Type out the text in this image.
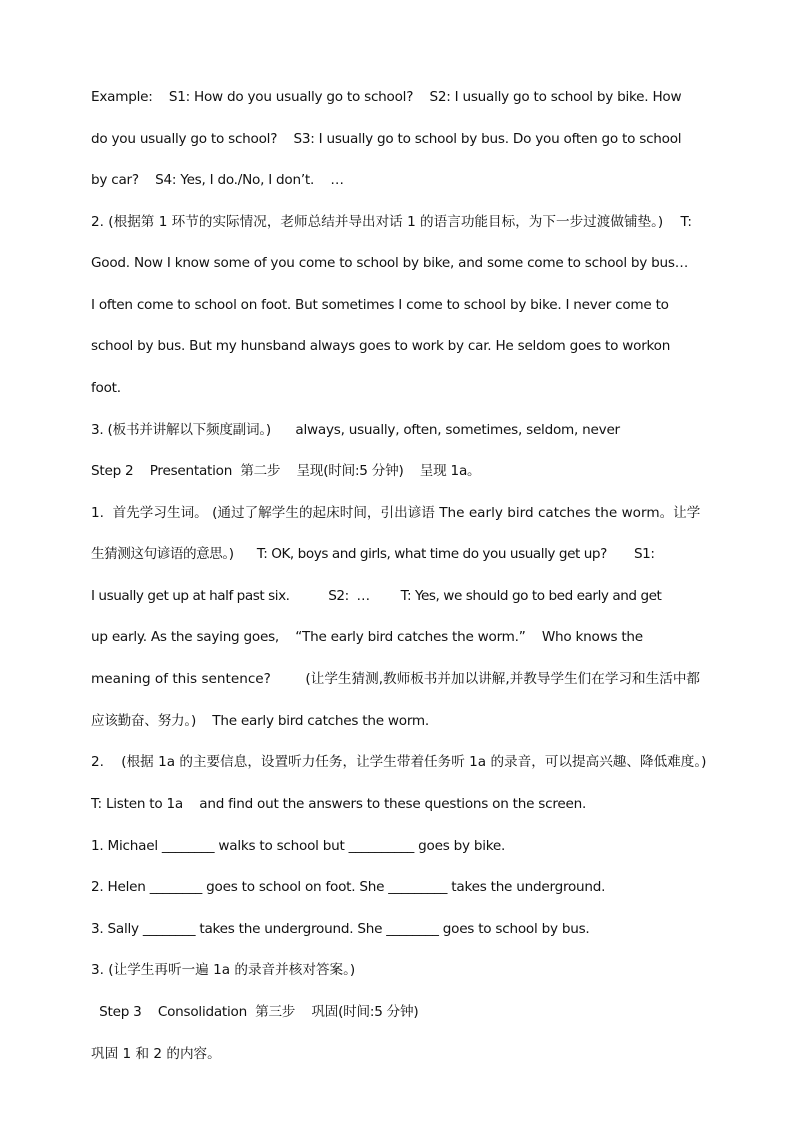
Example:    S1: How do you usually go to school?    S2: I usually go to school by bike. How
do you usually go to school?    S3: I usually go to school by bus. Do you often go to school
by car?    S4: Yes, I do./No, I don’t.    …
2. (根据第 1 环节的实际情况，老师总结并导出对话 1 的语言功能目标，为下一步过渡做铺垫。)    T:
Good. Now I know some of you come to school by bike, and some come to school by bus…
I often come to school on foot. But sometimes I come to school by bike. I never come to
school by bus. But my hunsband always goes to work by car. He seldom goes to workon
foot.
3. (板书并讲解以下频度副词。)      always, usually, often, sometimes, seldom, never
Step 2    Presentation  第二步    呈现(时间:5 分钟)    呈现 1a。
1.  首先学习生词。 (通过了解学生的起床时间，引出谚语 The early bird catches the worm。让学
生猜测这句谚语的意思。)      T: OK, boys and girls, what time do you usually get up?       S1:
I usually get up at half past six.          S2:  …        T: Yes, we should go to bed early and get
up early. As the saying goes,    “The early bird catches the worm.”    Who knows the
meaning of this sentence?        (让学生猜测,教师板书并加以讲解,并教导学生们在学习和生活中都
应该勤奋、努力。)    The early bird catches the worm.
2.    (根据 1a 的主要信息，设置听力任务，让学生带着任务听 1a 的录音，可以提高兴趣、降低难度。)
T: Listen to 1a    and find out the answers to these questions on the screen.
1. Michael ________ walks to school but __________ goes by bike.
2. Helen ________ goes to school on foot. She _________ takes the underground.
3. Sally ________ takes the underground. She ________ goes to school by bus.
3. (让学生再听一遍 1a 的录音并核对答案。)
Step 3    Consolidation  第三步    巩固(时间:5 分钟)
巩固 1 和 2 的内容。
